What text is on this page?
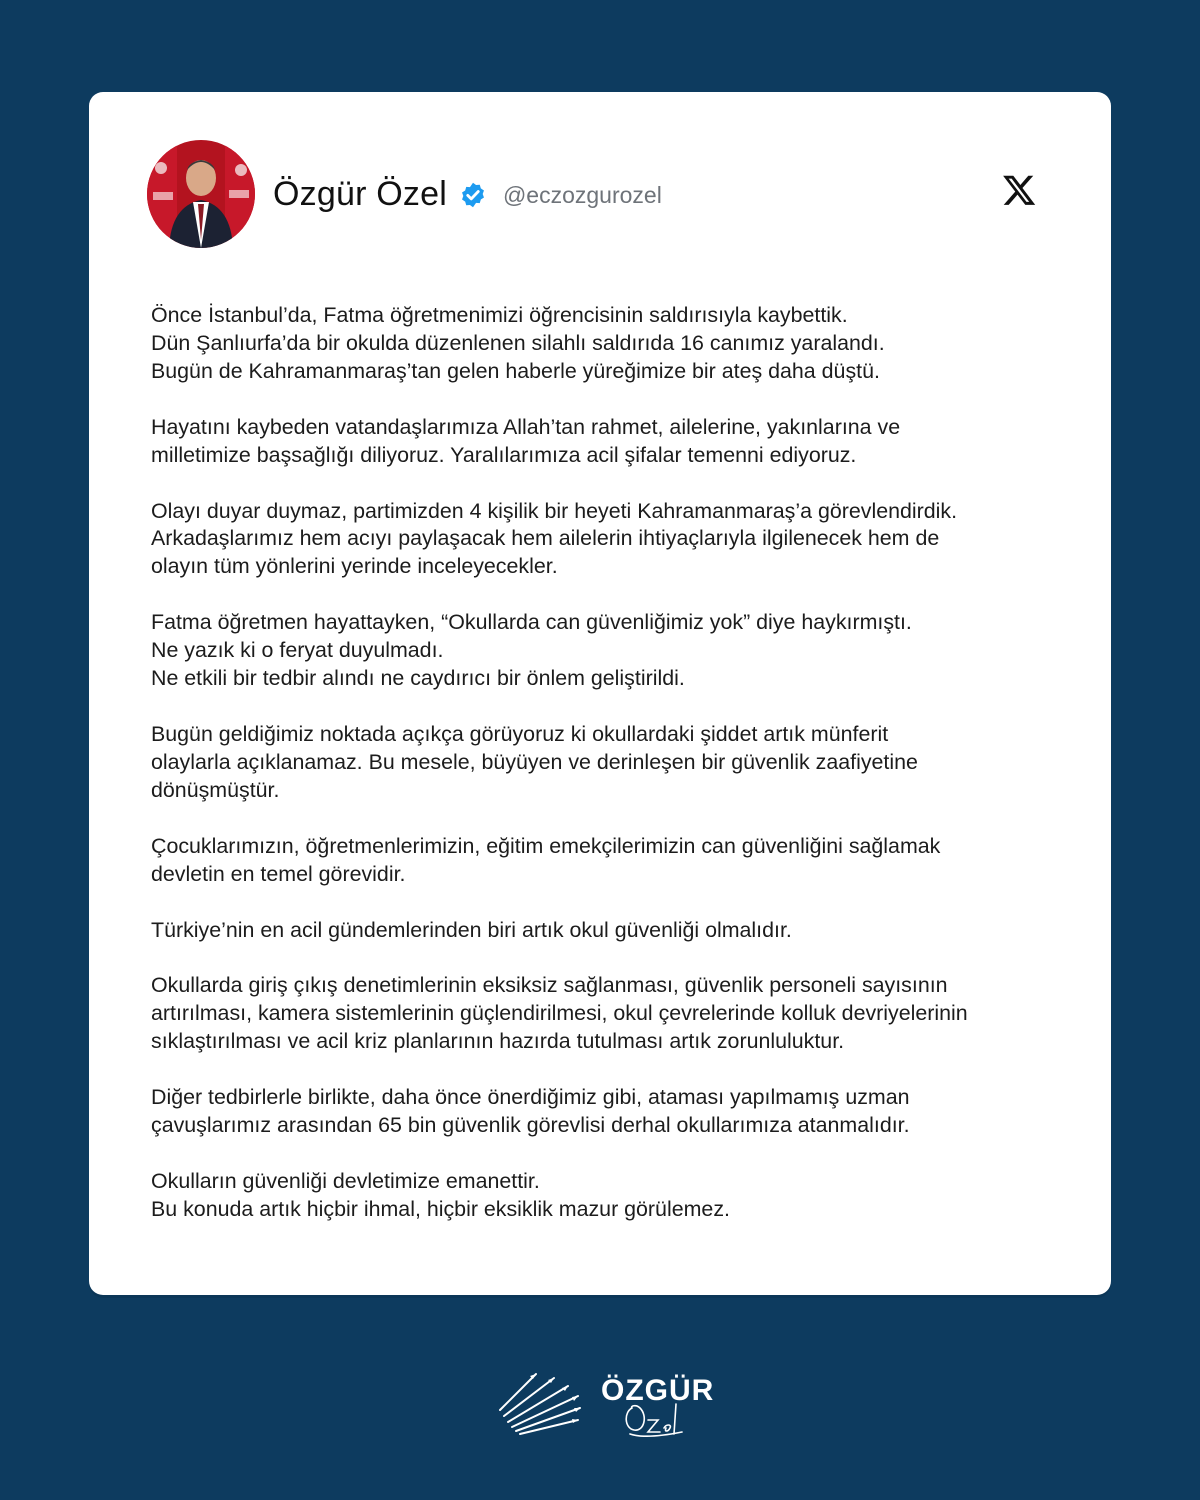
Özgür Özel @eczozgurozel
Önce İstanbul’da, Fatma öğretmenimizi öğrencisinin saldırısıyla kaybettik.
Dün Şanlıurfa’da bir okulda düzenlenen silahlı saldırıda 16 canımız yaralandı.
Bugün de Kahramanmaraş’tan gelen haberle yüreğimize bir ateş daha düştü.
Hayatını kaybeden vatandaşlarımıza Allah’tan rahmet, ailelerine, yakınlarına ve
milletimize başsağlığı diliyoruz. Yaralılarımıza acil şifalar temenni ediyoruz.
Olayı duyar duymaz, partimizden 4 kişilik bir heyeti Kahramanmaraş’a görevlendirdik.
Arkadaşlarımız hem acıyı paylaşacak hem ailelerin ihtiyaçlarıyla ilgilenecek hem de
olayın tüm yönlerini yerinde inceleyecekler.
Fatma öğretmen hayattayken, “Okullarda can güvenliğimiz yok” diye haykırmıştı.
Ne yazık ki o feryat duyulmadı.
Ne etkili bir tedbir alındı ne caydırıcı bir önlem geliştirildi.
Bugün geldiğimiz noktada açıkça görüyoruz ki okullardaki şiddet artık münferit
olaylarla açıklanamaz. Bu mesele, büyüyen ve derinleşen bir güvenlik zaafiyetine
dönüşmüştür.
Çocuklarımızın, öğretmenlerimizin, eğitim emekçilerimizin can güvenliğini sağlamak
devletin en temel görevidir.
Türkiye’nin en acil gündemlerinden biri artık okul güvenliği olmalıdır.
Okullarda giriş çıkış denetimlerinin eksiksiz sağlanması, güvenlik personeli sayısının
artırılması, kamera sistemlerinin güçlendirilmesi, okul çevrelerinde kolluk devriyelerinin
sıklaştırılması ve acil kriz planlarının hazırda tutulması artık zorunluluktur.
Diğer tedbirlerle birlikte, daha önce önerdiğimiz gibi, ataması yapılmamış uzman
çavuşlarımız arasından 65 bin güvenlik görevlisi derhal okullarımıza atanmalıdır.
Okulların güvenliği devletimize emanettir.
Bu konuda artık hiçbir ihmal, hiçbir eksiklik mazur görülemez.
ÖZGÜR
